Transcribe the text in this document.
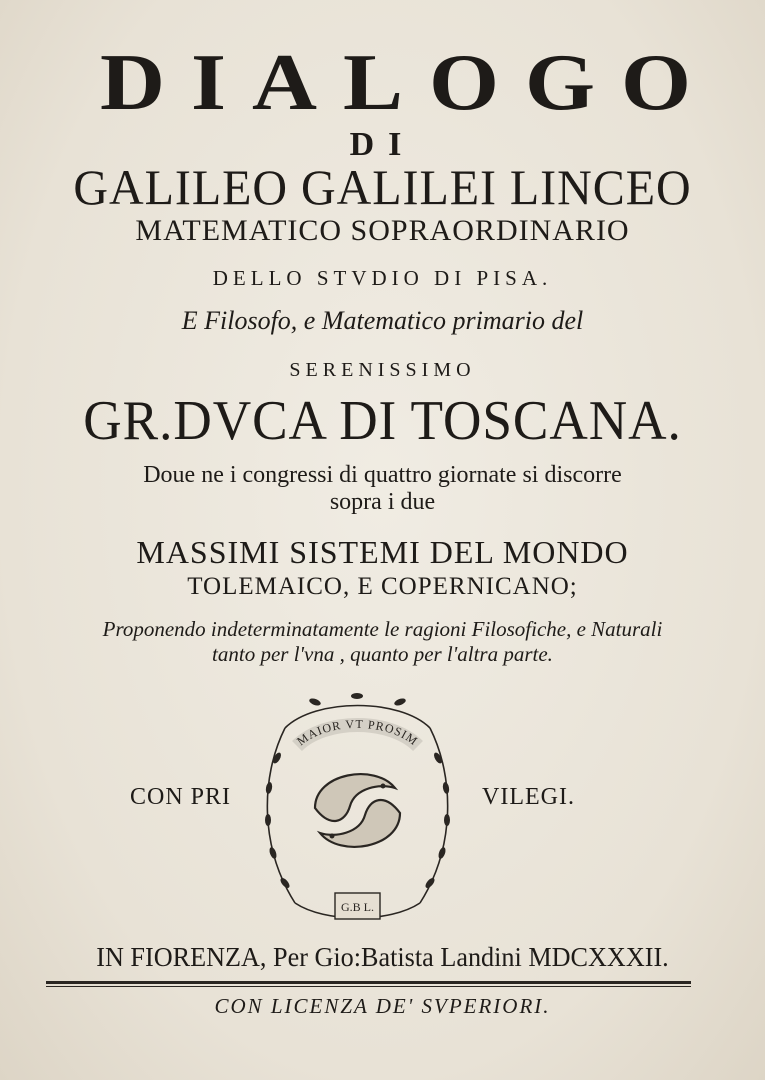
DIALOGO
DI
GALILEO GALILEI LINCEO
MATEMATICO SOPRAORDINARIO
DELLO STVDIO DI PISA.
E Filosofo, e Matematico primario del
SERENISSIMO
GR.DVCA DI TOSCANA.
Doue ne i congressi di quattro giornate si discorre
sopra i due
MASSIMI SISTEMI DEL MONDO
TOLEMAICO, E COPERNICANO;
Proponendo indeterminatamente le ragioni Filosofiche, e Naturali
tanto per l'vna , quanto per l'altra parte.
CON PRI	VILEGI.
MAIOR VT PROSIM
G.B L.
IN FIORENZA, Per Gio:Batista Landini MDCXXXII.
CON LICENZA DE' SVPERIORI.
